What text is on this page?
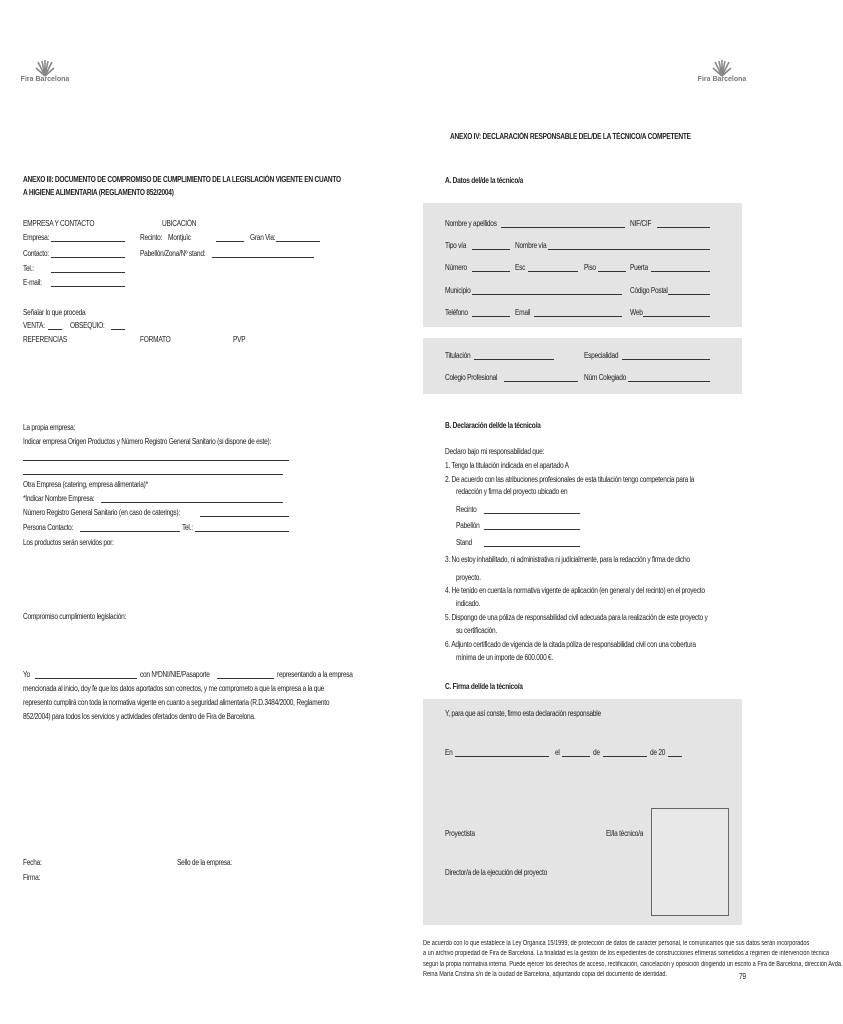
Fira Barcelona	Fira Barcelona
ANEXO III: DOCUMENTO DE COMPROMISO DE CUMPLIMIENTO DE LA LEGISLACIÓN VIGENTE EN CUANTO
A HIGIENE ALIMENTARIA (REGLAMENTO 852/2004)
EMPRESA Y CONTACTO	UBICACIÓN
Empresa:	Recinto: Montjuïc	Gran Via:
Contacto:	Pabellón/Zona/Nº stand:
Tel.:
E-mail:
Señalar lo que proceda
VENTA:	OBSEQUIO:
REFERENCIAS	FORMATO	PVP
La propia empresa:
Indicar empresa Origen Productos y Número Registro General Sanitario (si dispone de este):
Otra Empresa (catering, empresa alimentaria)*
*Indicar Nombre Empresa:
Número Registro General Sanitario (en caso de caterings):
Persona Contacto:	Tel.:
Los productos serán servidos por:
Compromiso cumplimiento legislación:
Yo	con NºDNI/NIE/Pasaporte	representando a la empresa
mencionada al inicio, doy fe que los datos aportados son correctos, y me comprometo a que la empresa a la que
represento cumplirá con toda la normativa vigente en cuanto a seguridad alimentaria (R.D.3484/2000, Reglamento
852/2004) para todos los servicios y actividades ofertados dentro de Fira de Barcelona.
Fecha:
Firma:
Sello de la empresa:
ANEXO IV: DECLARACIÓN RESPONSABLE DEL/DE LA TÉCNICO/A COMPETENTE
A. Datos del/de la técnico/a
Nombre y apellidos	NIF/CIF
Tipo vía	Nombre vía
Número	Esc	Piso	Puerta
Municipio	Código Postal
Teléfono	Email	Web
Titulación	Especialidad
Colegio Profesional	Núm Colegiado
B. Declaración del/de la técnico/a
Declaro bajo mi responsabilidad que:
1. Tengo la titulación indicada en el apartado A
2. De acuerdo con las atribuciones profesionales de esta titulación tengo competencia para la
redacción y firma del proyecto ubicado en
Recinto
Pabellón
Stand
3. No estoy inhabilitado, ni administrativa ni judicialmente, para la redacción y firma de dicho
proyecto.
4. He tenido en cuenta la normativa vigente de aplicación (en general y del recinto) en el proyecto
indicado.
5. Dispongo de una póliza de responsabilidad civil adecuada para la realización de este proyecto y
su certificación.
6. Adjunto certificado de vigencia de la citada póliza de responsabilidad civil con una cobertura
mínima de un importe de 600.000 €.
C. Firma del/de la técnico/a
Y, para que así conste, firmo esta declaración responsable
En	el	de	de 20
Proyectista	El/la técnico/a
Director/a de la ejecución del proyecto
De acuerdo con lo que establece la Ley Orgánica 15/1999, de protección de datos de carácter personal, le comunicamos que sus datos serán incorporados
a un archivo propiedad de Fira de Barcelona. La finalidad es la gestión de los expedientes de construcciones efímeras sometidos a régimen de intervención técnica
según la propia normativa interna. Puede ejercer los derechos de acceso, rectificación, cancelación y oposición dirigiendo un escrito a Fira de Barcelona, dirección Avda.
Reina María Cristina s/n de la ciudad de Barcelona, adjuntando copia del documento de identidad.	79
